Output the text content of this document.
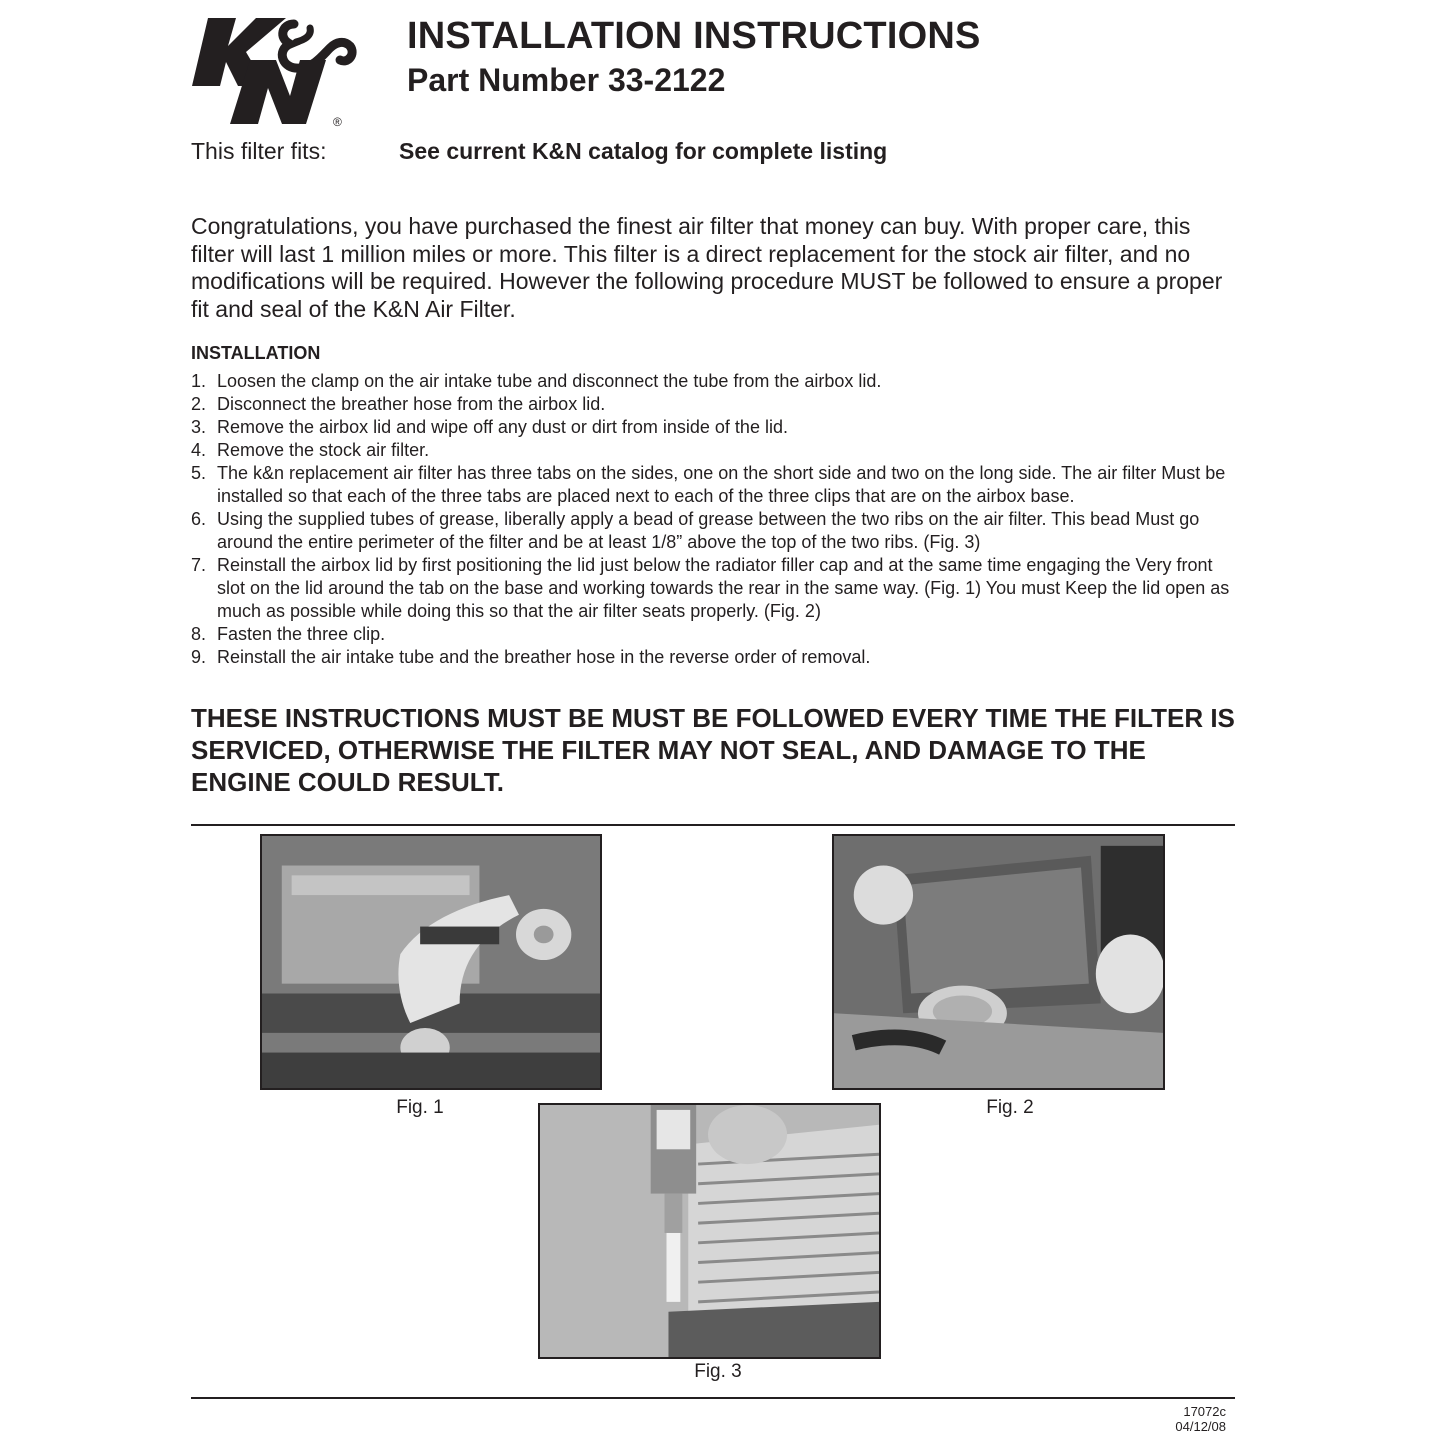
®
INSTALLATION INSTRUCTIONS
Part Number 33-2122
This filter fits:	See current K&N catalog for complete listing
Congratulations, you have purchased the finest air filter that money can buy. With proper care, this filter will last 1 million miles or more. This filter is a direct replacement for the stock air filter, and no modifications will be required. However the following procedure MUST be followed to ensure a proper fit and seal of the K&N Air Filter.
INSTALLATION
1. Loosen the clamp on the air intake tube and disconnect the tube from the airbox lid.
2. Disconnect the breather hose from the airbox lid.
3. Remove the airbox lid and wipe off any dust or dirt from inside of the lid.
4. Remove the stock air filter.
5. The k&n replacement air filter has three tabs on the sides, one on the short side and two on the long side. The air filter Must be installed so that each of the three tabs are placed next to each of the three clips that are on the airbox base.
6. Using the supplied tubes of grease, liberally apply a bead of grease between the two ribs on the air filter. This bead Must go around the entire perimeter of the filter and be at least 1/8” above the top of the two ribs. (Fig. 3)
7. Reinstall the airbox lid by first positioning the lid just below the radiator filler cap and at the same time engaging the Very front slot on the lid around the tab on the base and working towards the rear in the same way. (Fig. 1) You must Keep the lid open as much as possible while doing this so that the air filter seats properly. (Fig. 2)
8. Fasten the three clip.
9. Reinstall the air intake tube and the breather hose in the reverse order of removal.
THESE INSTRUCTIONS MUST BE MUST BE FOLLOWED EVERY TIME THE FILTER IS SERVICED, OTHERWISE THE FILTER MAY NOT SEAL, AND DAMAGE TO THE ENGINE COULD RESULT.
Fig. 1	Fig. 2
Fig. 3
17072c
04/12/08
